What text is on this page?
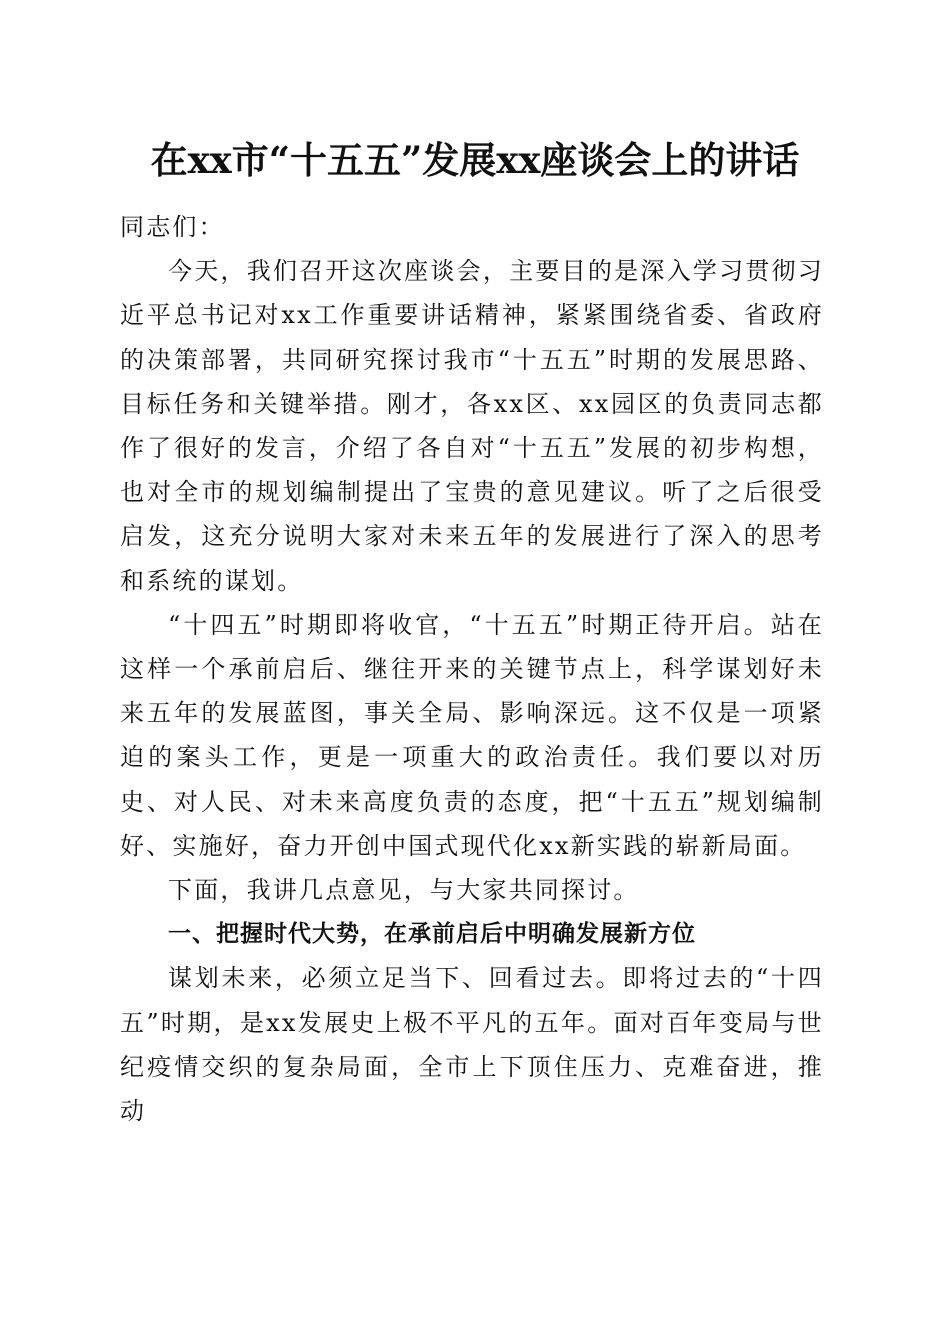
在xx市“十五五”发展xx座谈会上的讲话

同志们：

今天，我们召开这次座谈会，主要目的是深入学习贯彻习近平总书记对xx工作重要讲话精神，紧紧围绕省委、省政府的决策部署，共同研究探讨我市“十五五”时期的发展思路、目标任务和关键举措。刚才，各xx区、xx园区的负责同志都作了很好的发言，介绍了各自对“十五五”发展的初步构想，也对全市的规划编制提出了宝贵的意见建议。听了之后很受启发，这充分说明大家对未来五年的发展进行了深入的思考和系统的谋划。

“十四五”时期即将收官，“十五五”时期正待开启。站在这样一个承前启后、继往开来的关键节点上，科学谋划好未来五年的发展蓝图，事关全局、影响深远。这不仅是一项紧迫的案头工作，更是一项重大的政治责任。我们要以对历史、对人民、对未来高度负责的态度，把“十五五”规划编制好、实施好，奋力开创中国式现代化xx新实践的崭新局面。

下面，我讲几点意见，与大家共同探讨。

一、把握时代大势，在承前启后中明确发展新方位

谋划未来，必须立足当下、回看过去。即将过去的“十四五”时期，是xx发展史上极不平凡的五年。面对百年变局与世纪疫情交织的复杂局面，全市上下顶住压力、克难奋进，推动
